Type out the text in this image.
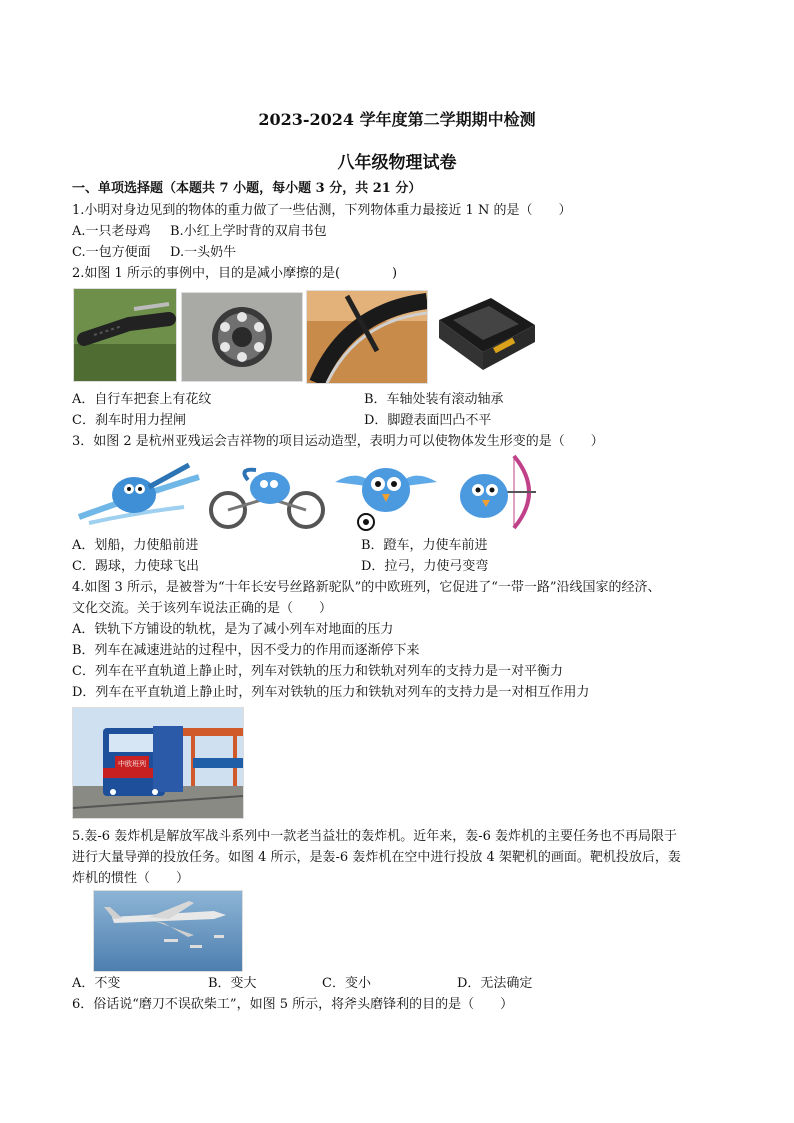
2023-2024 学年度第二学期期中检测
八年级物理试卷
一、单项选择题（本题共 7 小题，每小题 3 分，共 21 分）
1.小明对身边见到的物体的重力做了一些估测，下列物体重力最接近 1 N 的是（　　）
A.一只老母鸡 B.小红上学时背的双肩书包
C.一包方便面 D.一头奶牛
2.如图 1 所示的事例中，目的是减小摩擦的是(　　　　)
A．自行车把套上有花纹	B．车轴处装有滚动轴承
C．刹车时用力捏闸	D．脚蹬表面凹凸不平
3．如图 2 是杭州亚残运会吉祥物的项目运动造型，表明力可以使物体发生形变的是（　　）
A．划船，力使船前进	B．蹬车，力使车前进
C．踢球，力使球飞出	D．拉弓，力使弓变弯
4.如图 3 所示，是被誉为“十年长安号丝路新驼队”的中欧班列，它促进了“一带一路”沿线国家的经济、
文化交流。关于该列车说法正确的是（　　）
A．铁轨下方铺设的轨枕，是为了减小列车对地面的压力
B．列车在减速进站的过程中，因不受力的作用而逐渐停下来
C．列车在平直轨道上静止时，列车对铁轨的压力和铁轨对列车的支持力是一对平衡力
D．列车在平直轨道上静止时，列车对铁轨的压力和铁轨对列车的支持力是一对相互作用力
中欧班列
5.轰-6 轰炸机是解放军战斗系列中一款老当益壮的轰炸机。近年来，轰-6 轰炸机的主要任务也不再局限于
进行大量导弹的投放任务。如图 4 所示，是轰-6 轰炸机在空中进行投放 4 架靶机的画面。靶机投放后，轰
炸机的惯性（　　）
A．不变	B．变大	C．变小	D．无法确定
6．俗话说“磨刀不误砍柴工”，如图 5 所示，将斧头磨锋利的目的是（　　）
